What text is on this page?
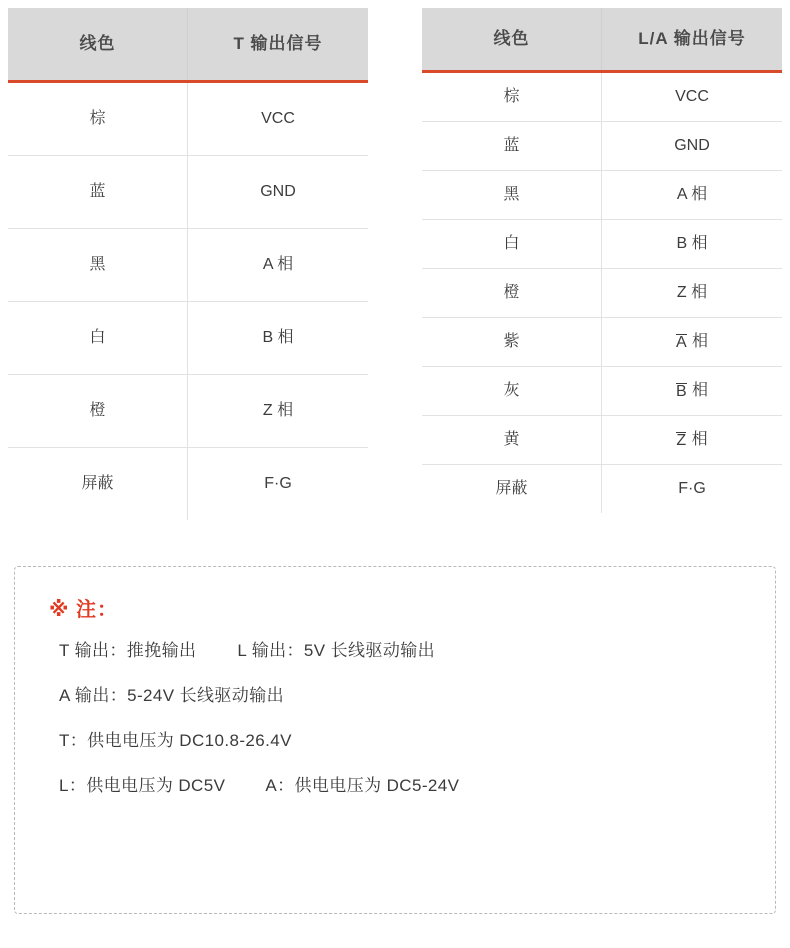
线色	T 输出信号
棕	VCC
蓝	GND
黑	A 相
白	B 相
橙	Z 相
屏蔽	F·G
线色	L/A 输出信号
棕	VCC
蓝	GND
黑	A 相
白	B 相
橙	Z 相
紫	A 相
灰	B 相
黄	Z 相
屏蔽	F·G
※ 注：
T 输出：推挽输出        L 输出：5V 长线驱动输出
A 输出：5-24V 长线驱动输出
T：供电电压为 DC10.8-26.4V
L：供电电压为 DC5V        A：供电电压为 DC5-24V
